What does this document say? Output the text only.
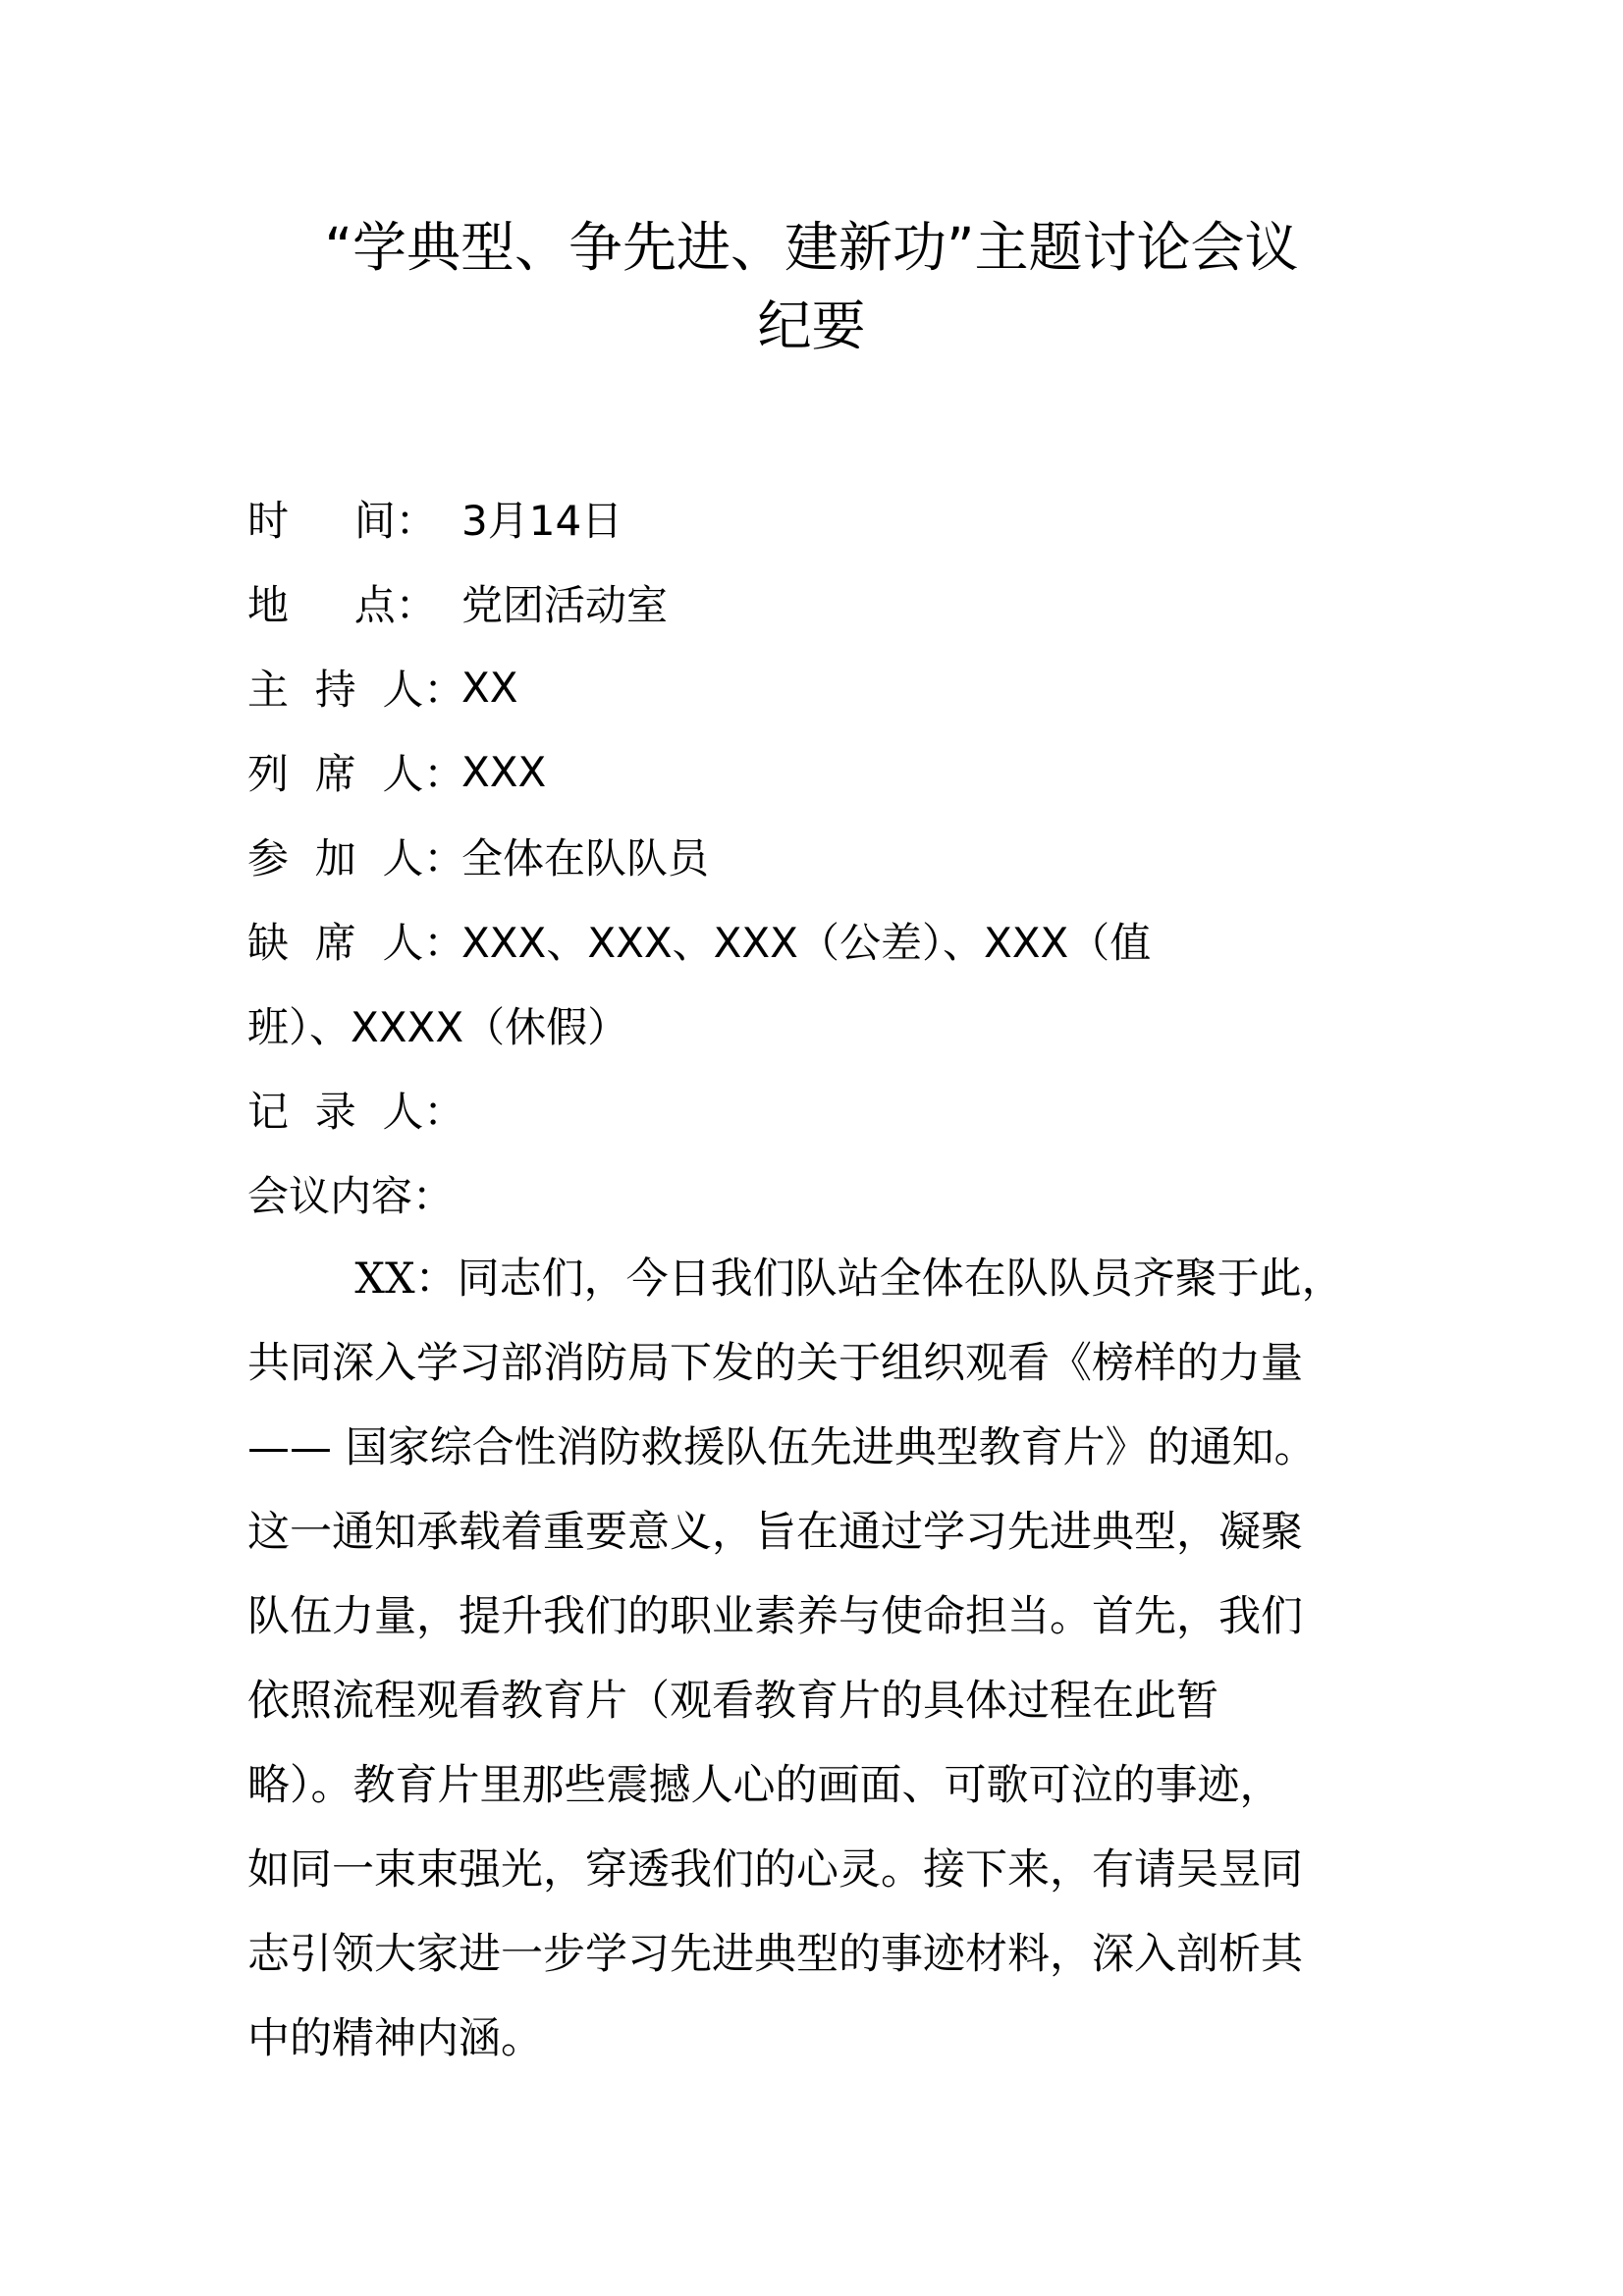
“学典型、争先进、建新功”主题讨论会议
纪要
时     间： 3月14日
地     点： 党团活动室
主  持  人：
XX
列  席  人：
XXX
参  加  人：
全体在队队员
缺  席  人：
XXX、XXX、XXX（公差）、XXX（值
班）、XXXX（休假）
记  录  人：
会议内容：
XX：同志们，今日我们队站全体在队队员齐聚于此，
共同深入学习部消防局下发的关于组织观看《榜样的力量
—— 国家综合性消防救援队伍先进典型教育片》的通知。
这一通知承载着重要意义，旨在通过学习先进典型，凝聚
队伍力量，提升我们的职业素养与使命担当。首先，我们
依照流程观看教育片（观看教育片的具体过程在此暂
略）。教育片里那些震撼人心的画面、可歌可泣的事迹，
如同一束束强光，穿透我们的心灵。接下来，有请吴昱同
志引领大家进一步学习先进典型的事迹材料，深入剖析其
中的精神内涵。
